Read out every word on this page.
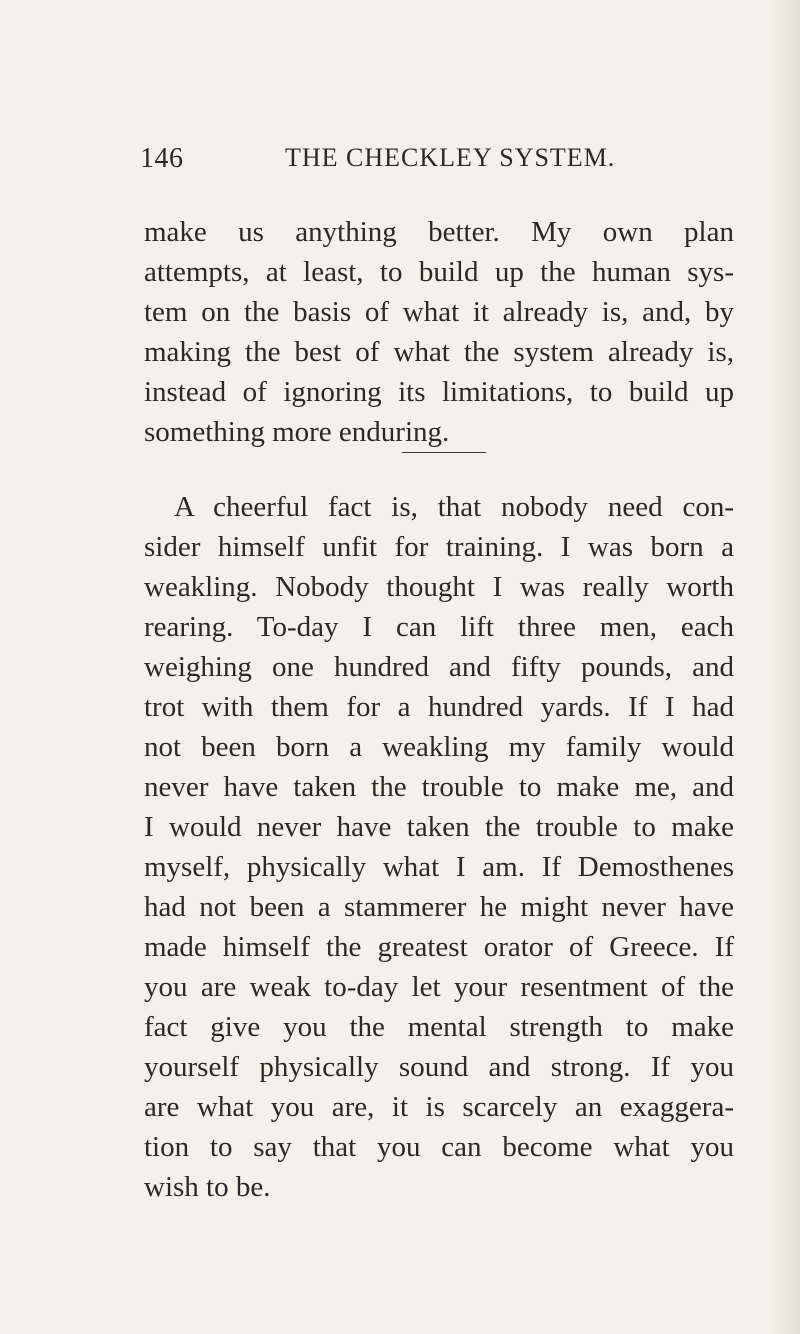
146	THE CHECKLEY SYSTEM.
make us anything better. My own plan
attempts, at least, to build up the human sys-
tem on the basis of what it already is, and, by
making the best of what the system already is,
instead of ignoring its limitations, to build up
something more enduring.
A cheerful fact is, that nobody need con-
sider himself unfit for training. I was born a
weakling. Nobody thought I was really worth
rearing. To-day I can lift three men, each
weighing one hundred and fifty pounds, and
trot with them for a hundred yards. If I had
not been born a weakling my family would
never have taken the trouble to make me, and
I would never have taken the trouble to make
myself, physically what I am. If Demosthenes
had not been a stammerer he might never have
made himself the greatest orator of Greece. If
you are weak to-day let your resentment of the
fact give you the mental strength to make
yourself physically sound and strong. If you
are what you are, it is scarcely an exaggera-
tion to say that you can become what you
wish to be.
